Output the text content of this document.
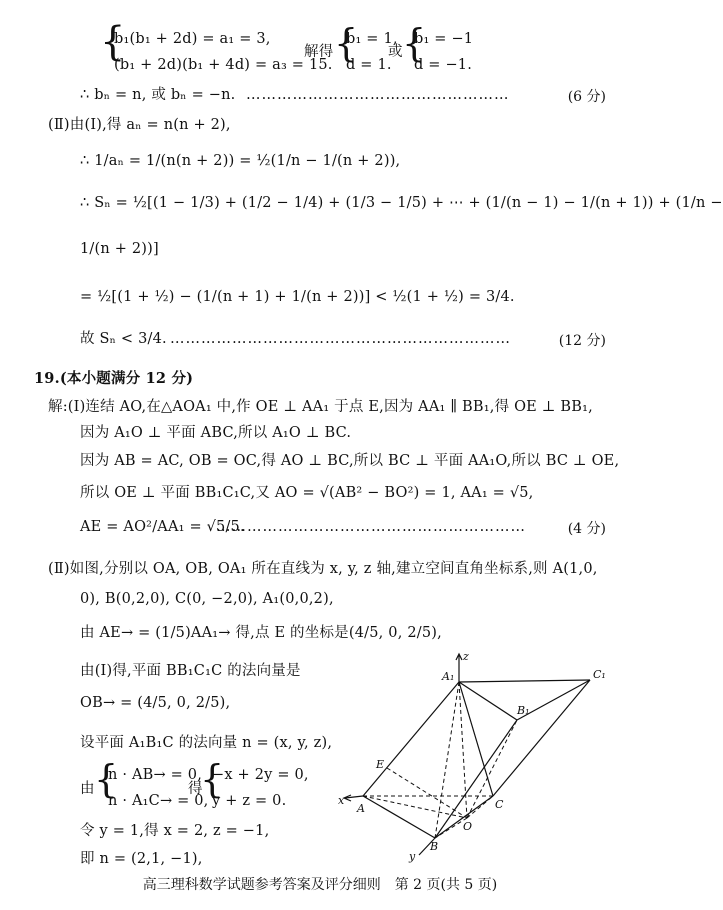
{
b₁(b₁ + 2d) = a₁ = 3,
(b₁ + 2d)(b₁ + 4d) = a₃ = 15.
解得 {
b₁ = 1,
d = 1.
或 {
b₁ = −1
d = −1.
∴ bₙ = n, 或 bₙ = −n. ……………………………………………	(6 分)
(Ⅱ)由(Ⅰ),得 aₙ = n(n + 2),
∴ 1/aₙ = 1/(n(n + 2)) = ½(1/n − 1/(n + 2)),
∴ Sₙ = ½[(1 − 1/3) + (1/2 − 1/4) + (1/3 − 1/5) + ⋯ + (1/(n − 1) − 1/(n + 1)) + (1/n −
1/(n + 2))]
= ½[(1 + ½) − (1/(n + 1) + 1/(n + 2))] < ½(1 + ½) = 3/4.
故 Sₙ < 3/4. …………………………………………………………	(12 分)
19.(本小题满分 12 分)
解:(Ⅰ)连结 AO,在△AOA₁ 中,作 OE ⊥ AA₁ 于点 E,因为 AA₁ ∥ BB₁,得 OE ⊥ BB₁,
因为 A₁O ⊥ 平面 ABC,所以 A₁O ⊥ BC.
因为 AB = AC, OB = OC,得 AO ⊥ BC,所以 BC ⊥ 平面 AA₁O,所以 BC ⊥ OE,
所以 OE ⊥ 平面 BB₁C₁C,又 AO = √(AB² − BO²) = 1, AA₁ = √5,
AE = AO²/AA₁ = √5/5.
……………………………………………………	(4 分)
(Ⅱ)如图,分别以 OA, OB, OA₁ 所在直线为 x, y, z 轴,建立空间直角坐标系,则 A(1,0,
0), B(0,2,0), C(0, −2,0), A₁(0,0,2),
由 AE→ = (1/5)AA₁→ 得,点 E 的坐标是(4/5, 0, 2/5),
由(Ⅰ)得,平面 BB₁C₁C 的法向量是
OB→ = (4/5, 0, 2/5),
设平面 A₁B₁C 的法向量 n = (x, y, z),
由 {
n · AB→ = 0,
n · A₁C→ = 0,
得
{
−x + 2y = 0,
y + z = 0.
令 y = 1,得 x = 2, z = −1,
即 n = (2,1, −1),
z
A₁	C₁
B₁
E
x
A	C
O
B
y
高三理科数学试题参考答案及评分细则　第 2 页(共 5 页)
